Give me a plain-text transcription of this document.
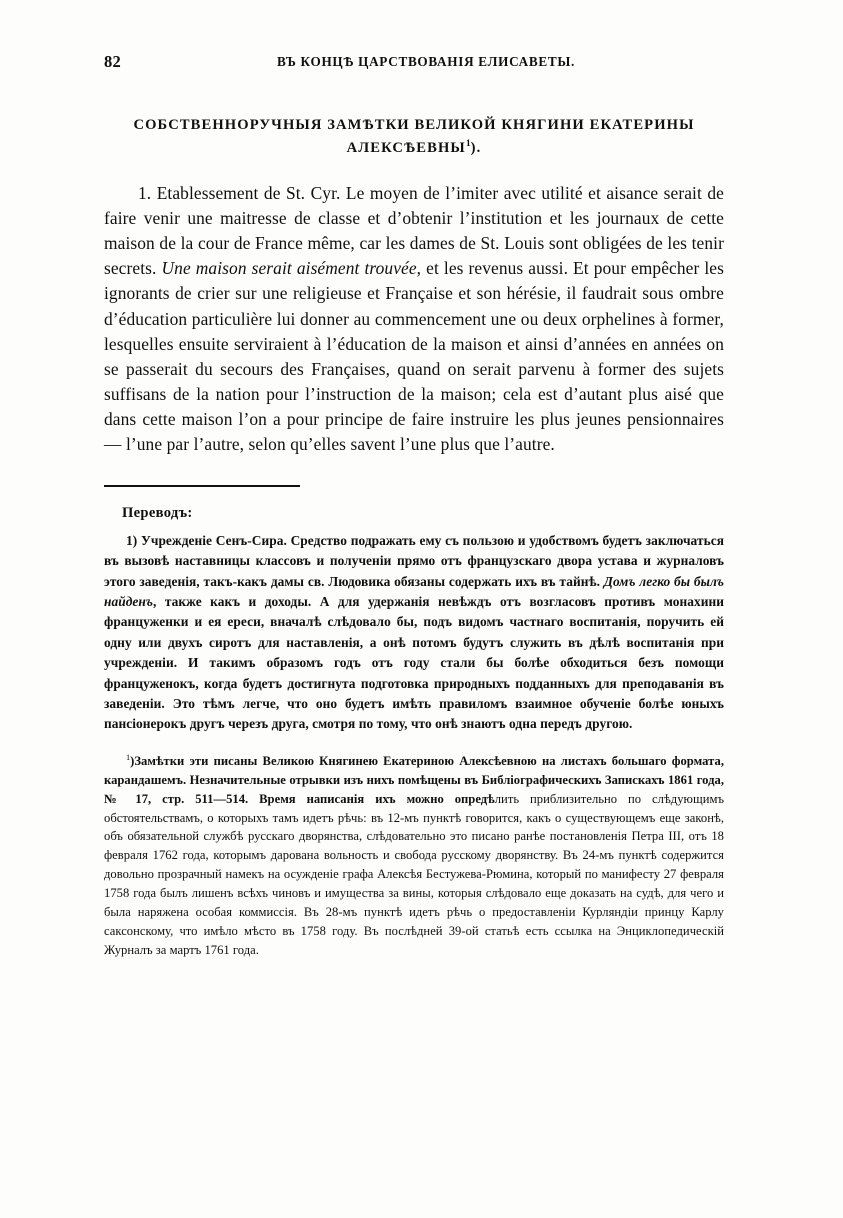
82	ВЪ КОНЦѢ ЦАРСТВОВАНІЯ ЕЛИСАВЕТЫ.
СОБСТВЕННОРУЧНЫЯ ЗАМѢТКИ ВЕЛИКОЙ КНЯГИНИ ЕКАТЕРИНЫ
АЛЕКСѢЕВНЫ$^1$).
1. Etablessement de St. Cyr. Le moyen de l’imiter avec utilité et aisance serait de faire venir une maitresse de classe et d’obtenir l’institution et les journaux de cette maison de la cour de France même, car les dames de St. Louis sont obligées de les tenir secrets. Une maison serait aisément trouvée, et les revenus aussi. Et pour empêcher les ignorants de crier sur une religieuse et Française et son hérésie, il faudrait sous ombre d’éducation particulière lui donner au commencement une ou deux orphelines à former, lesquelles ensuite serviraient à l’éducation de la maison et ainsi d’années en années on se passerait du secours des Françaises, quand on serait parvenu à former des sujets suffisans de la nation pour l’instruction de la maison; cela est d’autant plus aisé que dans cette maison l’on a pour principe de faire instruire les plus jeunes pensionnaires — l’une par l’autre, selon qu’elles savent l’une plus que l’autre.
Переводъ:
1) Учрежденіе Сенъ-Сира. Средство подражать ему съ пользою и удобствомъ будетъ заключаться въ вызовѣ наставницы классовъ и полученіи прямо отъ французскаго двора устава и журналовъ этого заведенія, такъ-какъ дамы св. Людовика обязаны содержать ихъ въ тайнѣ. Домъ легко бы былъ найденъ, также какъ и доходы. А для удержанія невѣждъ отъ возгласовъ противъ монахини француженки и ея ереси, вначалѣ слѣдовало бы, подъ видомъ частнаго воспитанія, поручить ей одну или двухъ сиротъ для наставленія, а онѣ потомъ будутъ служить въ дѣлѣ воспитанія при учрежденіи. И такимъ образомъ годъ отъ году стали бы болѣе обходиться безъ помощи француженокъ, когда будетъ достигнута подготовка природныхъ подданныхъ для преподаванія въ заведеніи. Это тѣмъ легче, что оно будетъ имѣть правиломъ взаимное обученіе болѣе юныхъ пансіонерокъ другъ черезъ друга, смотря по тому, что онѣ знаютъ одна передъ другою.
$^1$)Замѣтки эти писаны Великою Княгинею Екатериною Алексѣевною на листахъ большаго формата, карандашемъ. Незначительные отрывки изъ нихъ помѣщены въ Библіографическихъ Запискахъ 1861 года, № 17, стр. 511—514. Время написанія ихъ можно опредѣлить приблизительно по слѣдующимъ обстоятельствамъ, о которыхъ тамъ идетъ рѣчь: въ 12-мъ пунктѣ говорится, какъ о существующемъ еще законѣ, объ обязательной службѣ русскаго дворянства, слѣдовательно это писано ранѣе постановленія Петра III, отъ 18 февраля 1762 года, которымъ дарована вольность и свобода русскому дворянству. Въ 24-мъ пунктѣ содержится довольно прозрачный намекъ на осужденіе графа Алексѣя Бестужева-Рюмина, который по манифесту 27 февраля 1758 года былъ лишенъ всѣхъ чиновъ и имущества за вины, которыя слѣдовало еще доказать на судѣ, для чего и была наряжена особая коммиссія. Въ 28-мъ пунктѣ идетъ рѣчь о предоставленіи Курляндіи принцу Карлу саксонскому, что имѣло мѣсто въ 1758 году. Въ послѣдней 39-ой статьѣ есть ссылка на Энциклопедическій Журналъ за мартъ 1761 года.
